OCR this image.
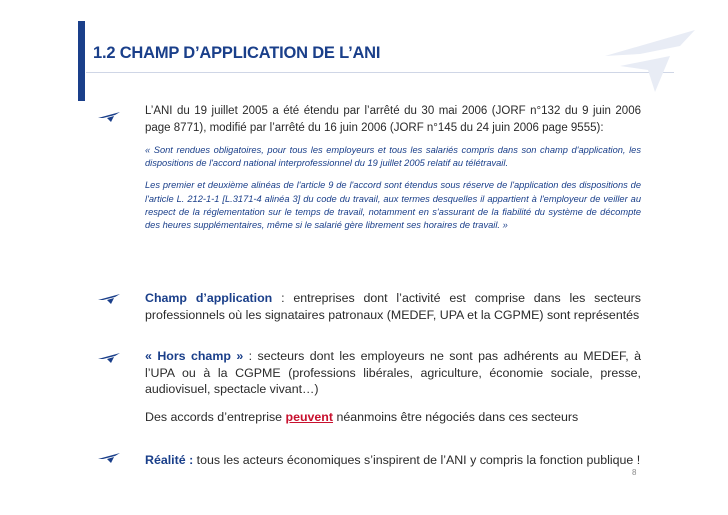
1.2 CHAMP D’APPLICATION DE L’ANI

L’ANI du 19 juillet 2005 a été étendu par l’arrêté du 30 mai 2006 (JORF n°132 du 9 juin 2006 page 8771), modifié par l’arrêté du 16 juin 2006 (JORF n°145 du 24 juin 2006 page 9555):

« Sont rendues obligatoires, pour tous les employeurs et tous les salariés compris dans son champ d'application, les dispositions de l'accord national interprofessionnel du 19 juillet 2005 relatif au télétravail.

Les premier et deuxième alinéas de l'article 9 de l'accord sont étendus sous réserve de l'application des dispositions de l'article L. 212-1-1 [L.3171-4 alinéa 3] du code du travail, aux termes desquelles il appartient à l'employeur de veiller au respect de la réglementation sur le temps de travail, notamment en s'assurant de la fiabilité du système de décompte des heures supplémentaires, même si le salarié gère librement ses horaires de travail. »

Champ d’application : entreprises dont l’activité est comprise dans les secteurs professionnels où les signataires patronaux (MEDEF, UPA et la CGPME) sont représentés

« Hors champ » : secteurs dont les employeurs ne sont pas adhérents au MEDEF, à l’UPA ou à la CGPME (professions libérales, agriculture, économie sociale, presse, audiovisuel, spectacle vivant…)

Des accords d’entreprise peuvent néanmoins être négociés dans ces secteurs

Réalité : tous les acteurs économiques s’inspirent de l’ANI y compris la fonction publique !

8
